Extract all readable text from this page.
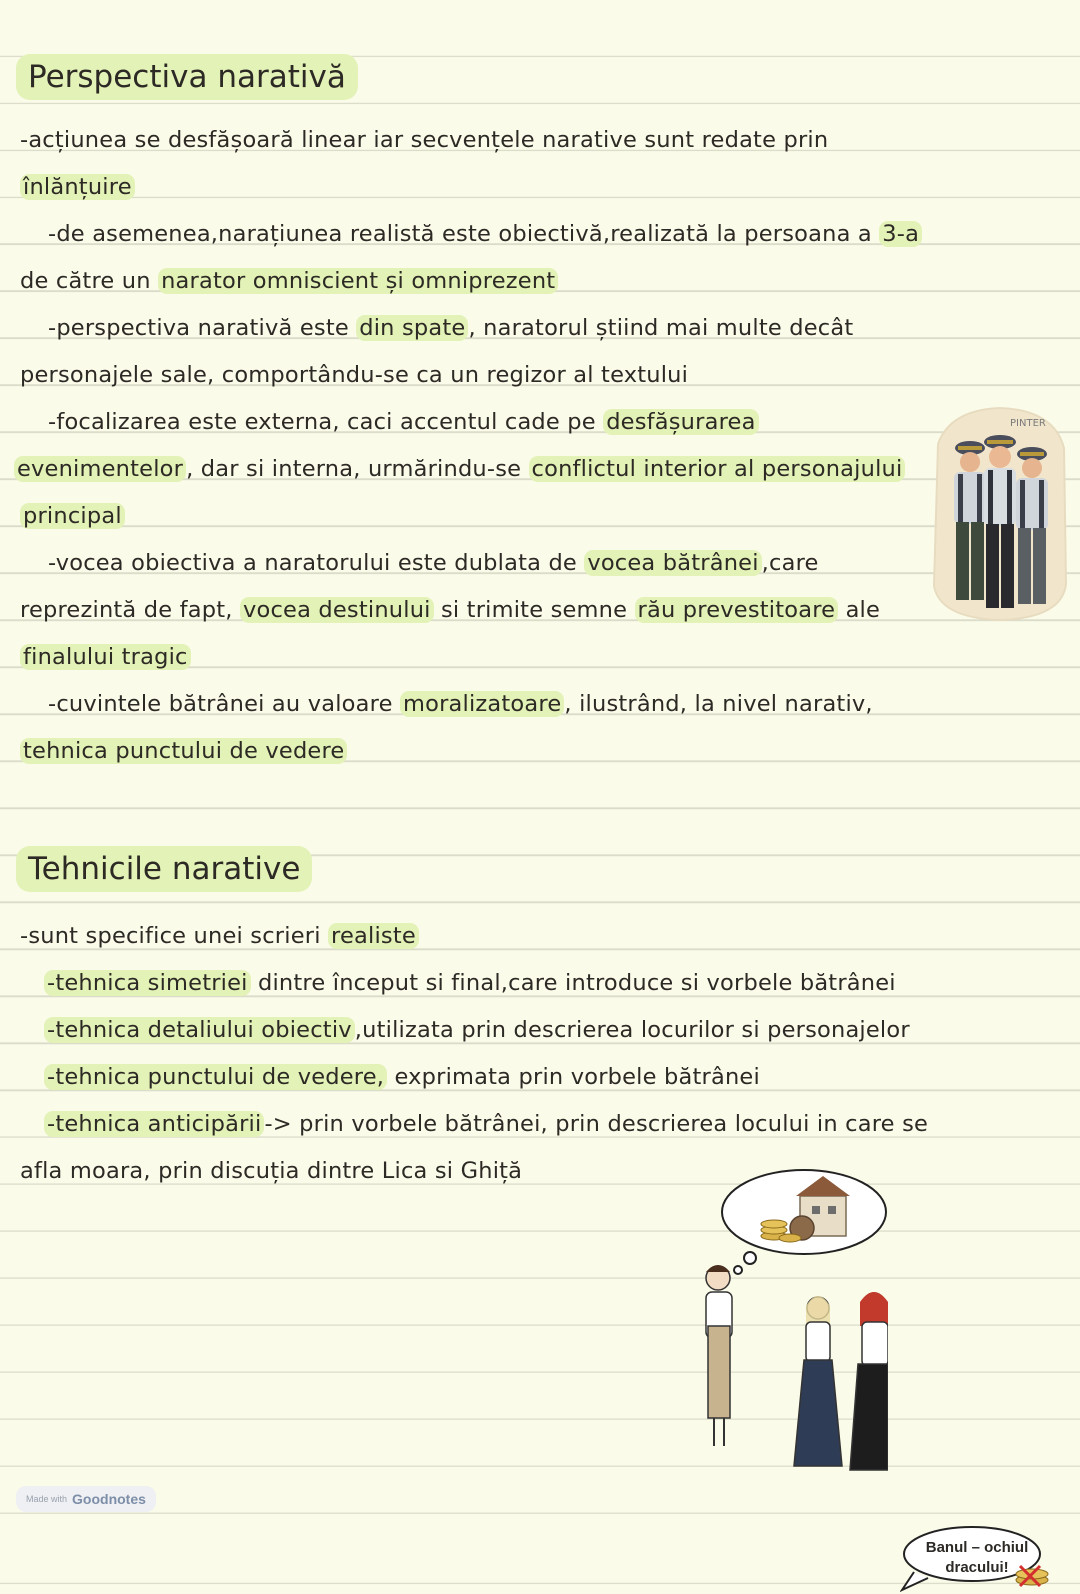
Perspectiva narativă
-acțiunea se desfășoară linear iar secvențele narative sunt redate prin
înlănțuire
-de asemenea,narațiunea realistă este obiectivă,realizată la persoana a 3-a
de către un narator omniscient și omniprezent
-perspectiva narativă este din spate , naratorul știind mai multe decât
personajele sale, comportându-se ca un regizor al textului
-focalizarea este externa, caci accentul cade pe desfășurarea
evenimentelor , dar si interna, urmărindu-se conflictul interior al personajului
principal
-vocea obiectiva a naratorului este dublata de vocea bătrânei ,care
reprezintă de fapt, vocea destinului si trimite semne rău prevestitoare ale
finalului tragic
-cuvintele bătrânei au valoare moralizatoare , ilustrând, la nivel narativ,
tehnica punctului de vedere
Tehnicile narative
-sunt specifice unei scrieri realiste
-tehnica simetriei dintre început si final,care introduce si vorbele bătrânei
-tehnica detaliului obiectiv ,utilizata prin descrierea locurilor si personajelor
-tehnica punctului de vedere, exprimata prin vorbele bătrânei
-tehnica anticipării -> prin vorbele bătrânei, prin descrierea locului in care se
afla moara, prin discuția dintre Lica si Ghiță
PINTER
Banul – ochiul dracului!
Made with Goodnotes
